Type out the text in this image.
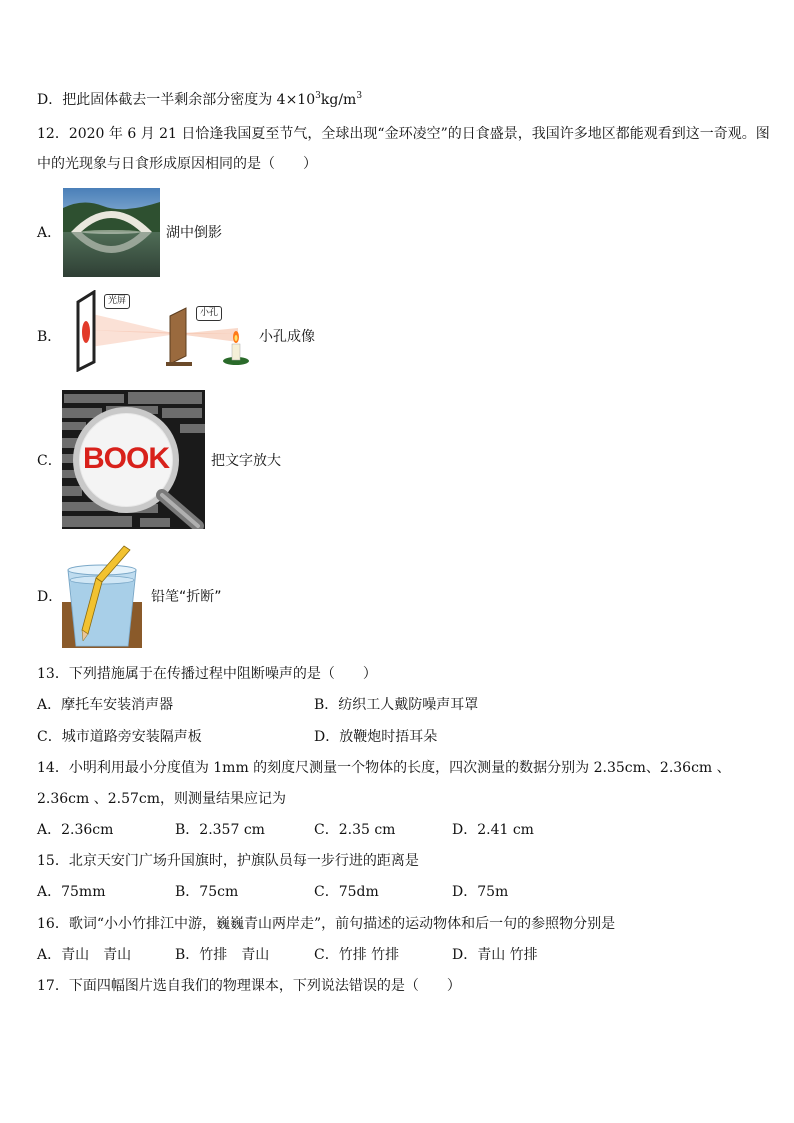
D．把此固体截去一半剩余部分密度为 $4\times 10^3kg/m^3$
12．2020 年 6 月 21 日恰逢我国夏至节气，全球出现“金环凌空”的日食盛景，我国许多地区都能观看到这一奇观。图
中的光现象与日食形成原因相同的是（　　）
A．	湖中倒影
B．
光屏
小孔
小孔成像
C． BOOK	把文字放大
D．	铅笔“折断”
13．下列措施属于在传播过程中阻断噪声的是（　　）
A．摩托车安装消声器	B．纺织工人戴防噪声耳罩
C．城市道路旁安装隔声板	D．放鞭炮时捂耳朵
14．小明利用最小分度值为 1mm 的刻度尺测量一个物体的长度，四次测量的数据分别为 2.35cm、2.36cm 、
2.36cm 、2.57cm，则测量结果应记为
A．2.36cm	B．2.357 cm	C．2.35 cm	D．2.41 cm
15．北京天安门广场升国旗时，护旗队员每一步行进的距离是
A．75mm	B．75cm	C．75dm	D．75m
16．歌词“小小竹排江中游，巍巍青山两岸走”，前句描述的运动物体和后一句的参照物分别是
A．青山　青山	B．竹排　青山	C．竹排 竹排	D．青山 竹排
17．下面四幅图片选自我们的物理课本，下列说法错误的是（　　）
